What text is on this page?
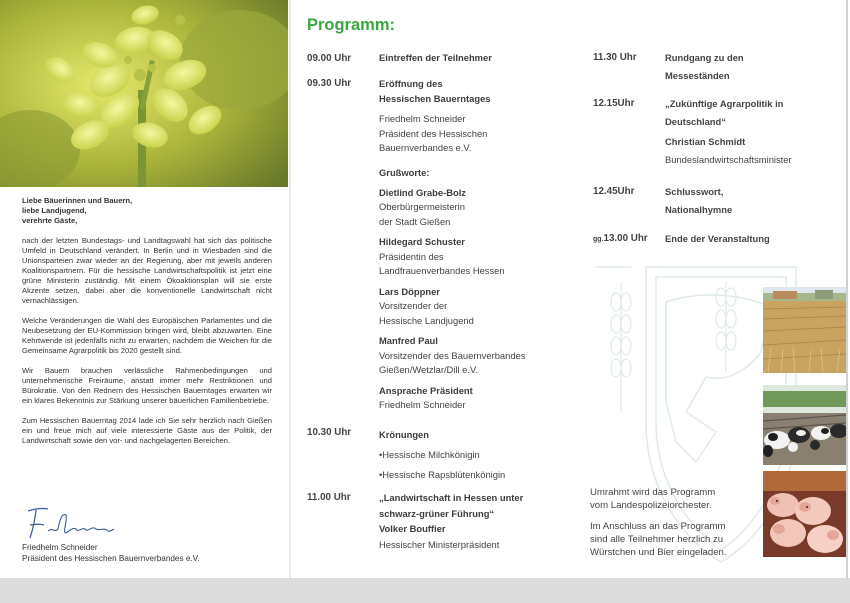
Liebe Bäuerinnen und Bauern,
liebe Landjugend,
verehrte Gäste,

nach der letzten Bundestags- und Landtagswahl hat sich das politische Umfeld in Deutschland verändert. In Berlin und in Wiesbaden sind die Unionsparteien zwar wieder an der Regierung, aber mit jeweils anderen Koalitionspartnern. Für die hessische Landwirtschaftspolitik ist jetzt eine grüne Ministerin zuständig. Mit einem Ökoaktionsplan will sie erste Akzente setzen, dabei aber die konventionelle Landwirtschaft nicht vernachlässigen.

Welche Veränderungen die Wahl des Europäischen Parlamentes und die Neubesetzung der EU-Kommission bringen wird, bleibt abzuwarten. Eine Kehrtwende ist jedenfalls nicht zu erwarten, nachdem die Weichen für die Gemeinsame Agrarpolitik bis 2020 gestellt sind.

Wir Bauern brauchen verlässliche Rahmenbedingungen und unternehmerische Freiräume, anstatt immer mehr Restriktionen und Bürokratie. Von den Rednern des Hessischen Bauerntages erwarten wir ein klares Bekenntnis zur Stärkung unserer bäuerlichen Familienbetriebe.

Zum Hessischen Bauerntag 2014 lade ich Sie sehr herzlich nach Gießen ein und freue mich auf viele interessierte Gäste aus der Politik, der Landwirtschaft sowie den vor- und nachgelagerten Bereichen.

Friedhelm Schneider
Präsident des Hessischen Bauernverbandes e.V.
Programm:
09.00 Uhr	Eintreffen der Teilnehmer
09.30 Uhr	Eröffnung des
Hessischen Bauerntages
Friedhelm Schneider
Präsident des Hessischen
Bauernverbandes e.V.
Grußworte:
Dietlind Grabe-Bolz
Oberbürgermeisterin
der Stadt Gießen
Hildegard Schuster
Präsidentin des
Landfrauenverbandes Hessen
Lars Döppner
Vorsitzender der
Hessische Landjugend
Manfred Paul
Vorsitzender des Bauernverbandes
Gießen/Wetzlar/Dill e.V.
Ansprache Präsident
Friedhelm Schneider
10.30 Uhr	Krönungen
•Hessische Milchkönigin
•Hessische Rapsblütenkönigin
11.00 Uhr	„Landwirtschaft in Hessen unter
schwarz-grüner Führung“
Volker Bouffier
Hessischer Ministerpräsident
11.30 Uhr	Rundgang zu den
Messeständen
12.15Uhr	„Zukünftige Agrarpolitik in
Deutschland“
Christian Schmidt
Bundeslandwirtschaftsminister
12.45Uhr	Schlusswort,
Nationalhymne
gg.13.00 Uhr Ende der Veranstaltung
Umrahmt wird das Programm
vom Landespolizeiorchester.
Im Anschluss an das Programm
sind alle Teilnehmer herzlich zu
Würstchen und Bier eingeladen.
